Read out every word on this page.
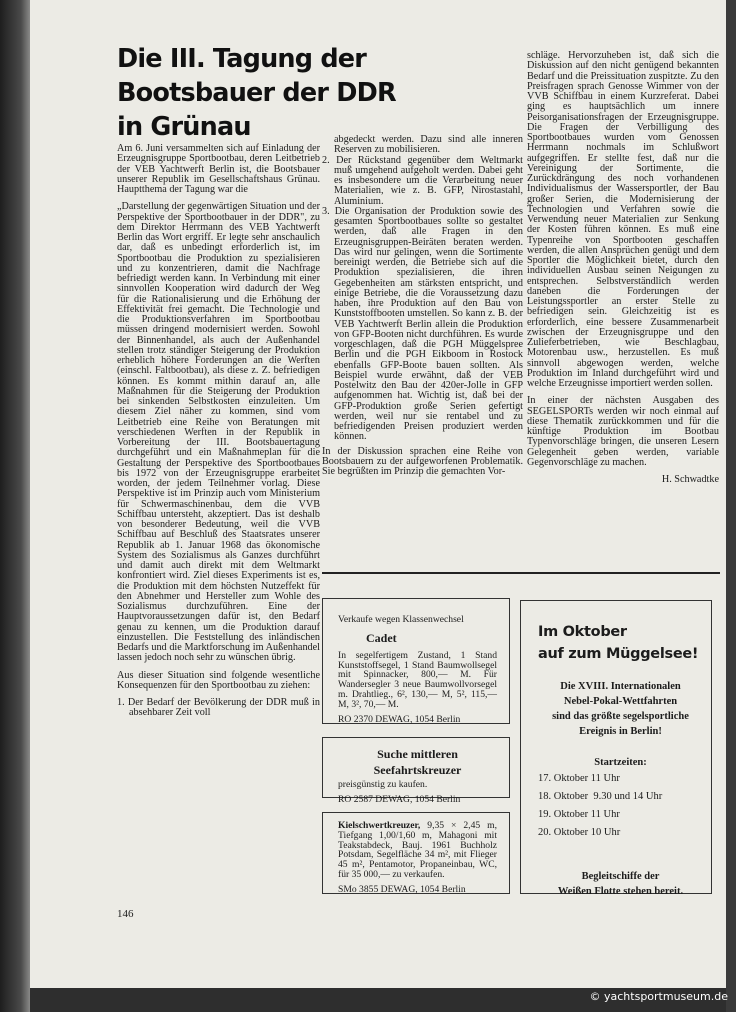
Die III. Tagung der Bootsbauer der DDR in Grünau

Am 6. Juni versammelten sich auf Einladung der Erzeugnisgruppe Sportbootbau, deren Leitbetrieb der VEB Yachtwerft Berlin ist, die Bootsbauer unserer Republik im Gesellschaftshaus Grünau. Hauptthema der Tagung war die

„Darstellung der gegenwärtigen Situation und der Perspektive der Sportbootbauer in der DDR", zu dem Direktor Herrmann des VEB Yachtwerft Berlin das Wort ergriff. Er legte sehr anschaulich dar, daß es unbedingt erforderlich ist, im Sportbootbau die Produktion zu spezialisieren und zu konzentrieren, damit die Nachfrage befriedigt werden kann. In Verbindung mit einer sinnvollen Kooperation wird dadurch der Weg für die Rationalisierung und die Erhöhung der Effektivität frei gemacht. Die Technologie und die Produktionsverfahren im Sportbootbau müssen dringend modernisiert werden. Sowohl der Binnenhandel, als auch der Außenhandel stellen trotz ständiger Steigerung der Produktion erheblich höhere Forderungen an die Werften (einschl. Faltbootbau), als diese z. Z. befriedigen können. Es kommt mithin darauf an, alle Maßnahmen für die Steigerung der Produktion bei sinkenden Selbstkosten einzuleiten. Um diesem Ziel näher zu kommen, sind vom Leitbetrieb eine Reihe von Beratungen mit verschiedenen Werften in der Republik in Vorbereitung der III. Bootsbauertagung durchgeführt und ein Maßnahmeplan für die Gestaltung der Perspektive des Sportbootbaues bis 1972 von der Erzeugnisgruppe erarbeitet worden, der jedem Teilnehmer vorlag. Diese Perspektive ist im Prinzip auch vom Ministerium für Schwermaschinenbau, dem die VVB Schiffbau untersteht, akzeptiert. Das ist deshalb von besonderer Bedeutung, weil die VVB Schiffbau auf Beschluß des Staatsrates unserer Republik ab 1. Januar 1968 das ökonomische System des Sozialismus als Ganzes durchführt und damit auch direkt mit dem Weltmarkt konfrontiert wird. Ziel dieses Experiments ist es, die Produktion mit dem höchsten Nutzeffekt für den Abnehmer und Hersteller zum Wohle des Sozialismus durchzuführen. Eine der Hauptvoraussetzungen dafür ist, den Bedarf genau zu kennen, um die Produktion darauf einzustellen. Die Feststellung des inländischen Bedarfs und die Marktforschung im Außenhandel lassen jedoch noch sehr zu wünschen übrig.

Aus dieser Situation sind folgende wesentliche Konsequenzen für den Sportbootbau zu ziehen:

1. Der Bedarf der Bevölkerung der DDR muß in absehbarer Zeit voll

abgedeckt werden. Dazu sind alle inneren Reserven zu mobilisieren.

2. Der Rückstand gegenüber dem Weltmarkt muß umgehend aufgeholt werden. Dabei geht es insbesondere um die Verarbeitung neuer Materialien, wie z. B. GFP, Nirostastahl, Aluminium.

3. Die Organisation der Produktion sowie des gesamten Sportbootbaues sollte so gestaltet werden, daß alle Fragen in den Erzeugnisgruppen-Beiräten beraten werden. Das wird nur gelingen, wenn die Sortimente bereinigt werden, die Betriebe sich auf die Produktion spezialisieren, die ihren Gegebenheiten am stärksten entspricht, und einige Betriebe, die die Voraussetzung dazu haben, ihre Produktion auf den Bau von Kunststoffbooten umstellen. So kann z. B. der VEB Yachtwerft Berlin allein die Produktion von GFP-Booten nicht durchführen. Es wurde vorgeschlagen, daß die PGH Müggelspree Berlin und die PGH Eikboom in Rostock ebenfalls GFP-Boote bauen sollten. Als Beispiel wurde erwähnt, daß der VEB Postelwitz den Bau der 420er-Jolle in GFP aufgenommen hat. Wichtig ist, daß bei der GFP-Produktion große Serien gefertigt werden, weil nur sie rentabel und zu befriedigenden Preisen produziert werden können.

In der Diskussion sprachen eine Reihe von Bootsbauern zu der aufgeworfenen Problematik. Sie begrüßten im Prinzip die gemachten Vor-

schläge. Hervorzuheben ist, daß sich die Diskussion auf den nicht genügend bekannten Bedarf und die Preissituation zuspitzte. Zu den Preisfragen sprach Genosse Wimmer von der VVB Schiffbau in einem Kurzreferat. Dabei ging es hauptsächlich um innere Peisorganisationsfragen der Erzeugnisgruppe. Die Fragen der Verbilligung des Sportbootbaues wurden vom Genossen Herrmann nochmals im Schlußwort aufgegriffen. Er stellte fest, daß nur die Vereinigung der Sortimente, die Zurückdrängung des noch vorhandenen Individualismus der Wassersportler, der Bau großer Serien, die Modernisierung der Technologien und Verfahren sowie die Verwendung neuer Materialien zur Senkung der Kosten führen können. Es muß eine Typenreihe von Sportbooten geschaffen werden, die allen Ansprüchen genügt und dem Sportler die Möglichkeit bietet, durch den individuellen Ausbau seinen Neigungen zu entsprechen. Selbstverständlich werden daneben die Forderungen der Leistungssportler an erster Stelle zu befriedigen sein. Gleichzeitig ist es erforderlich, eine bessere Zusammenarbeit zwischen der Erzeugnisgruppe und den Zulieferbetrieben, wie Beschlagbau, Motorenbau usw., herzustellen. Es muß sinnvoll abgewogen werden, welche Produktion im Inland durchgeführt wird und welche Erzeugnisse importiert werden sollen.

In einer der nächsten Ausgaben des SEGELSPORTs werden wir noch einmal auf diese Thematik zurückkommen und für die künftige Produktion im Bootbau Typenvorschläge bringen, die unseren Lesern Gelegenheit geben werden, variable Gegenvorschläge zu machen.

H. Schwadtke

Verkaufe wegen Klassenwechsel

Cadet

In segelfertigem Zustand, 1 Stand Kunststoffsegel, 1 Stand Baumwollsegel mit Spinnacker, 800,— M. Für Wandersegler 3 neue Baumwollvorsegel m. Drahtlieg., 6², 130,— M, 5², 115,— M, 3², 70,— M.

RO 2370 DEWAG, 1054 Berlin

Suche mittleren

Seefahrtskreuzer

preisgünstig zu kaufen.

RO 2587 DEWAG, 1054 Berlin

Kielschwertkreuzer, 9,35 × 2,45 m, Tiefgang 1,00/1,60 m, Mahagoni mit Teakstabdeck, Bauj. 1961 Buchholz Potsdam, Segelfläche 34 m², mit Flieger 45 m², Pentamotor, Propaneinbau, WC, für 35 000,— zu verkaufen.

SMo 3855 DEWAG, 1054 Berlin

Im Oktober
auf zum Müggelsee!

Die XVIII. Internationalen
Nebel-Pokal-Wettfahrten
sind das größte segelsportliche
Ereignis in Berlin!

Startzeiten:

17. Oktober 11 Uhr

18. Oktober  9.30 und 14 Uhr

19. Oktober 11 Uhr

20. Oktober 10 Uhr

Begleitschiffe der
Weißen Flotte stehen bereit.

146
© yachtsportmuseum.de
